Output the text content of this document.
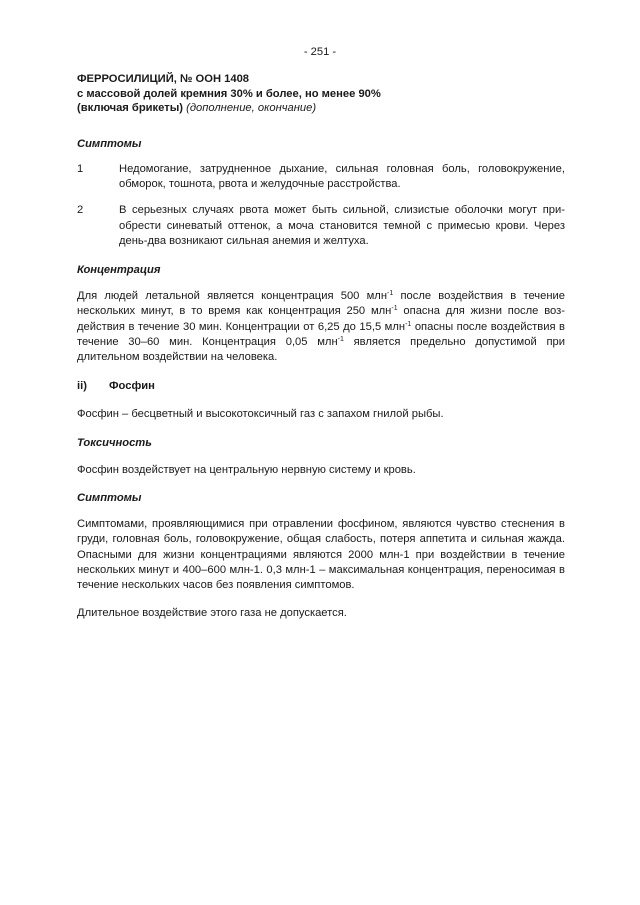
- 251 -
ФЕРРОСИЛИЦИЙ, № ООН 1408
с массовой долей кремния 30% и более, но менее 90%
(включая брикеты) (дополнение, окончание)
Симптомы
1	Недомогание, затрудненное дыхание, сильная головная боль, головокружение, обморок, тошнота, рвота и желудочные расстройства.
2	В серьезных случаях рвота может быть сильной, слизистые оболочки могут приобрести синеватый оттенок, а моча становится темной с примесью крови. Через день-два возникают сильная анемия и желтуха.
Концентрация

Для людей летальной является концентрация 500 млн$^{-1}$ после воздействия в течение нескольких минут, в то время как концентрация 250 млн$^{-1}$ опасна для жизни после воздействия в течение 30 мин. Концентрации от 6,25 до 15,5 млн$^{-1}$ опасны после воздействия в течение 30–60 мин. Концентрация 0,05 млн$^{-1}$ является предельно допустимой при длительном воздействии на человека.

ii)	Фосфин

Фосфин – бесцветный и высокотоксичный газ с запахом гнилой рыбы.

Токсичность

Фосфин воздействует на центральную нервную систему и кровь.

Симптомы

Симптомами, проявляющимися при отравлении фосфином, являются чувство стеснения в груди, головная боль, головокружение, общая слабость, потеря аппетита и сильная жажда. Опасными для жизни концентрациями являются 2000 млн-1 при воздействии в течение нескольких минут и 400–600 млн-1. 0,3 млн-1 – максимальная концентрация, переносимая в течение нескольких часов без появления симптомов.

Длительное воздействие этого газа не допускается.
